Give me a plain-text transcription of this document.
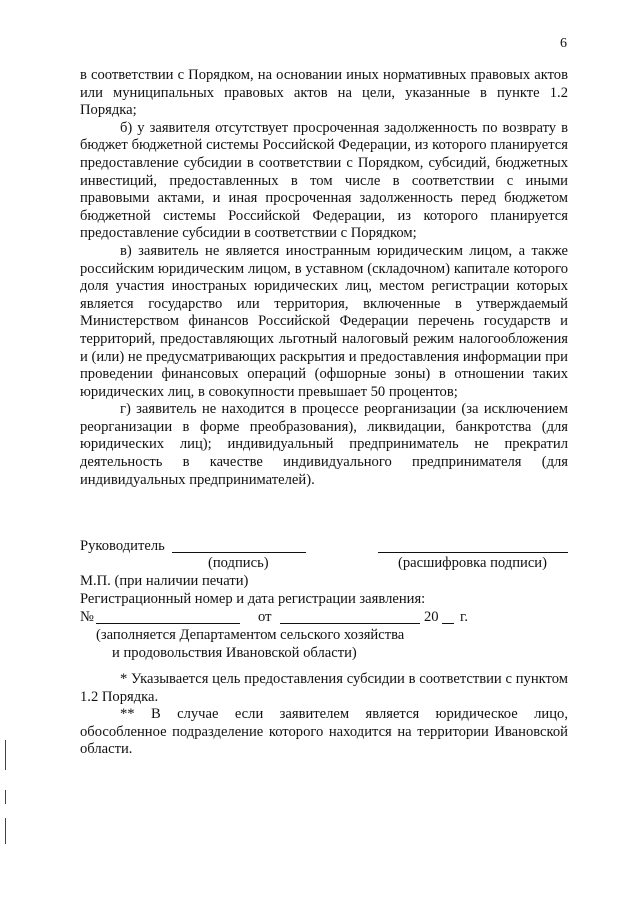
6

в соответствии с Порядком, на основании иных нормативных правовых актов или муниципальных правовых актов на цели, указанные в пункте 1.2 Порядка;

б) у заявителя отсутствует просроченная задолженность по возврату в бюджет бюджетной системы Российской Федерации, из которого планируется предоставление субсидии в соответствии с Порядком, субсидий, бюджетных инвестиций, предоставленных в том числе в соответствии с иными правовыми актами, и иная просроченная задолженность перед бюджетом бюджетной системы Российской Федерации, из которого планируется предоставление субсидии в соответствии с Порядком;

в) заявитель не является иностранным юридическим лицом, а также российским юридическим лицом, в уставном (складочном) капитале которого доля участия иностраных юридических лиц, местом регистрации которых является государство или территория, включенные в утверждаемый Министерством финансов Российской Федерации перечень государств и территорий, предоставляющих льготный налоговый режим налогообложения и (или) не предусматривающих раскрытия и предоставления информации при проведении финансовых операций (офшорные зоны) в отношении таких юридических лиц, в совокупности превышает 50 процентов;

г) заявитель не находится в процессе реорганизации (за исключением реорганизации в форме преобразования), ликвидации, банкротства (для юридических лиц); индивидуальный предприниматель не прекратил деятельность в качестве индивидуального предпринимателя (для индивидуальных предпринимателей).

Руководитель
(подпись)	(расшифровка подписи)
М.П. (при наличии печати)
Регистрационный номер и дата регистрации заявления:
№	от	20 г.
(заполняется Департаментом сельского хозяйства
и продовольствия Ивановской области)

* Указывается цель предоставления субсидии в соответствии с пунктом 1.2 Порядка.

** В случае если заявителем является юридическое лицо, обособленное подразделение которого находится на территории Ивановской области.
